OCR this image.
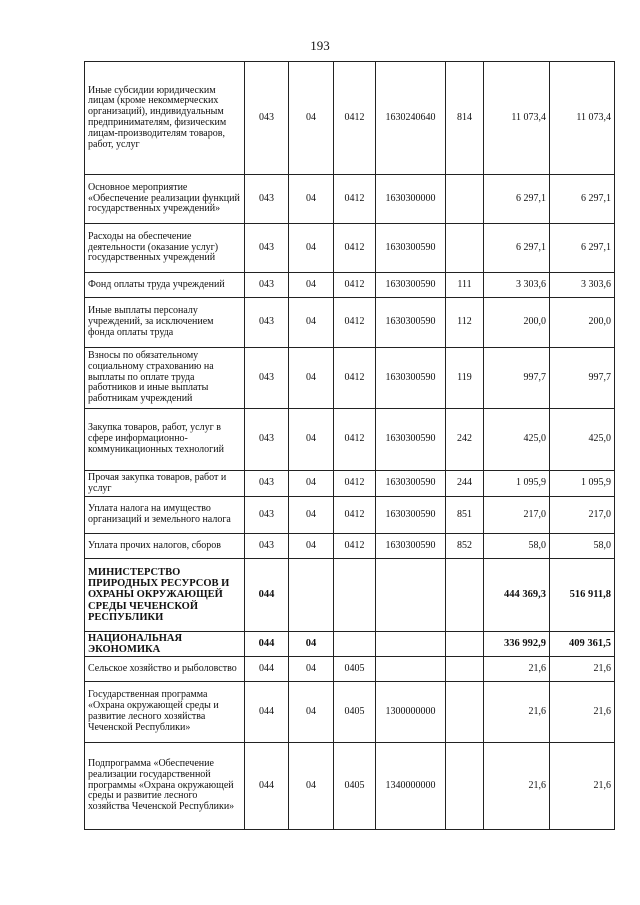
193
Иные субсидии юридическим лицам (кроме некоммерческих организаций), индивидуальным предпринимателям, физическим лицам-производителям товаров, работ, услуг	043	04	0412	1630240640	814	11 073,4	11 073,4
Основное мероприятие «Обеспечение реализации функций государственных учреждений»	043	04	0412	1630300000		6 297,1	6 297,1
Расходы на обеспечение деятельности (оказание услуг) государственных учреждений	043	04	0412	1630300590		6 297,1	6 297,1
Фонд оплаты труда учреждений	043	04	0412	1630300590	111	3 303,6	3 303,6
Иные выплаты персоналу учреждений, за исключением фонда оплаты труда	043	04	0412	1630300590	112	200,0	200,0
Взносы по обязательному социальному страхованию на выплаты по оплате труда работников и иные выплаты работникам учреждений	043	04	0412	1630300590	119	997,7	997,7
Закупка товаров, работ, услуг в сфере информационно-коммуникационных технологий	043	04	0412	1630300590	242	425,0	425,0
Прочая закупка товаров, работ и услуг	043	04	0412	1630300590	244	1 095,9	1 095,9
Уплата налога на имущество организаций и земельного налога	043	04	0412	1630300590	851	217,0	217,0
Уплата прочих налогов, сборов	043	04	0412	1630300590	852	58,0	58,0
МИНИСТЕРСТВО ПРИРОДНЫХ РЕСУРСОВ И ОХРАНЫ ОКРУЖАЮЩЕЙ СРЕДЫ ЧЕЧЕНСКОЙ РЕСПУБЛИКИ	044					444 369,3	516 911,8
НАЦИОНАЛЬНАЯ ЭКОНОМИКА	044	04				336 992,9	409 361,5
Сельское хозяйство и рыболовство	044	04	0405			21,6	21,6
Государственная программа «Охрана окружающей среды и развитие лесного хозяйства Чеченской Республики»	044	04	0405	1300000000		21,6	21,6
Подпрограмма «Обеспечение реализации государственной программы «Охрана окружающей среды и развитие лесного хозяйства Чеченской Республики»	044	04	0405	1340000000		21,6	21,6
